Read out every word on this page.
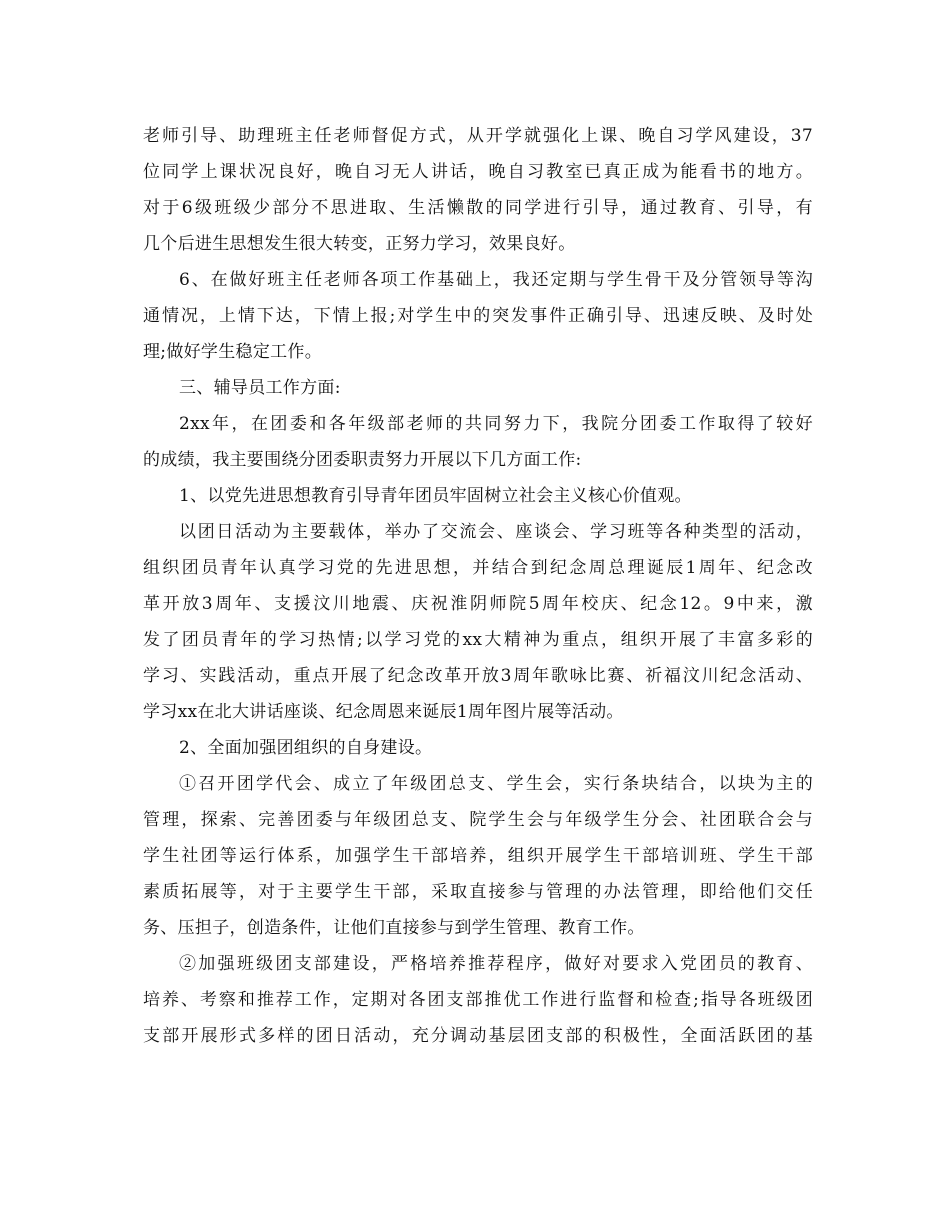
老师引导、助理班主任老师督促方式，从开学就强化上课、晚自习学风建设，37

位同学上课状况良好，晚自习无人讲话，晚自习教室已真正成为能看书的地方。

对于6级班级少部分不思进取、生活懒散的同学进行引导，通过教育、引导，有

几个后进生思想发生很大转变，正努力学习，效果良好。

6、在做好班主任老师各项工作基础上，我还定期与学生骨干及分管领导等沟

通情况，上情下达，下情上报;对学生中的突发事件正确引导、迅速反映、及时处

理;做好学生稳定工作。

三、辅导员工作方面:

2xx年，在团委和各年级部老师的共同努力下，我院分团委工作取得了较好

的成绩，我主要围绕分团委职责努力开展以下几方面工作:

1、以党先进思想教育引导青年团员牢固树立社会主义核心价值观。

以团日活动为主要载体，举办了交流会、座谈会、学习班等各种类型的活动，

组织团员青年认真学习党的先进思想，并结合到纪念周总理诞辰1周年、纪念改

革开放3周年、支援汶川地震、庆祝淮阴师院5周年校庆、纪念12。9中来，激

发了团员青年的学习热情;以学习党的xx大精神为重点，组织开展了丰富多彩的

学习、实践活动，重点开展了纪念改革开放3周年歌咏比赛、祈福汶川纪念活动、

学习xx在北大讲话座谈、纪念周恩来诞辰1周年图片展等活动。

2、全面加强团组织的自身建设。

①召开团学代会、成立了年级团总支、学生会，实行条块结合，以块为主的

管理，探索、完善团委与年级团总支、院学生会与年级学生分会、社团联合会与

学生社团等运行体系，加强学生干部培养，组织开展学生干部培训班、学生干部

素质拓展等，对于主要学生干部，采取直接参与管理的办法管理，即给他们交任

务、压担子，创造条件，让他们直接参与到学生管理、教育工作。

②加强班级团支部建设，严格培养推荐程序，做好对要求入党团员的教育、

培养、考察和推荐工作，定期对各团支部推优工作进行监督和检查;指导各班级团

支部开展形式多样的团日活动，充分调动基层团支部的积极性，全面活跃团的基
